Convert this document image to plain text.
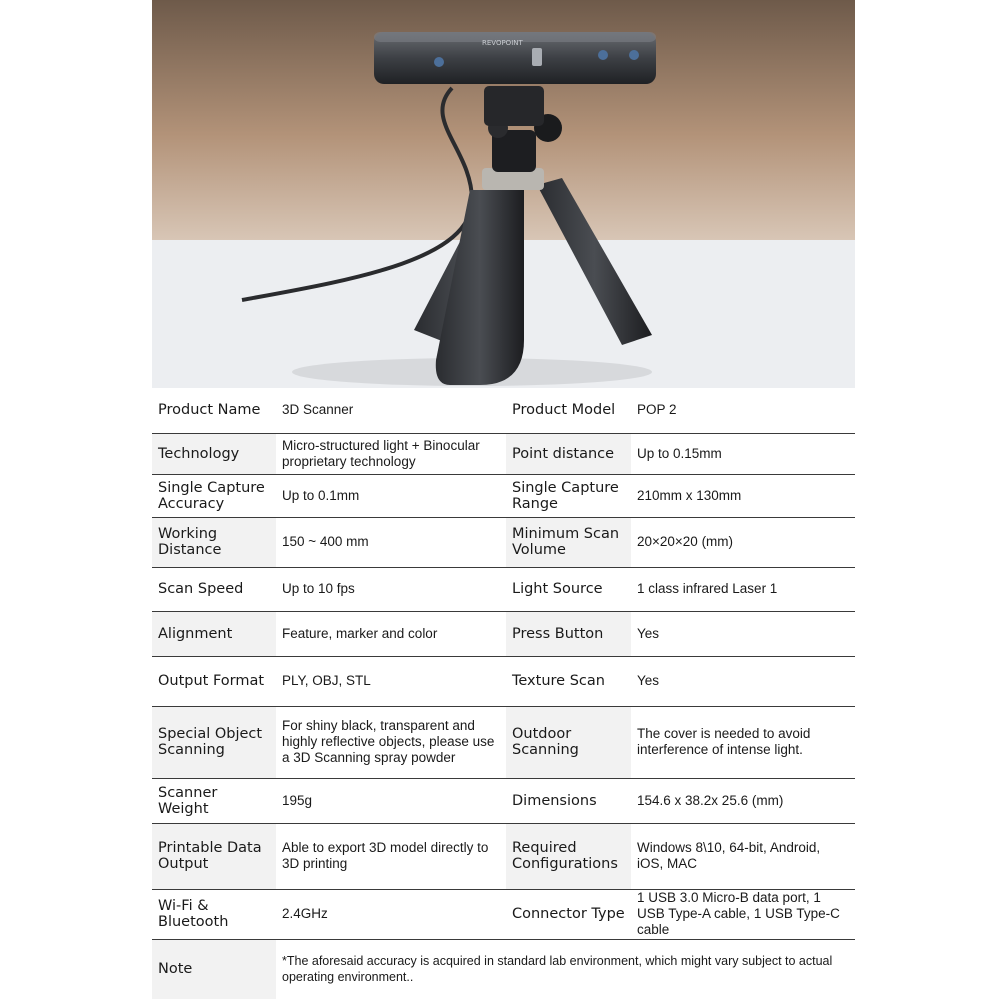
REVOPOINT
Product Name	3D Scanner	Product Model	POP 2
Technology	Micro-structured light + Binocular proprietary technology	Point distance	Up to 0.15mm
Single Capture Accuracy	Up to 0.1mm	Single Capture Range	210mm x 130mm
Working Distance	150 ~ 400 mm	Minimum Scan Volume	20×20×20 (mm)
Scan Speed	Up to 10 fps	Light Source	1 class infrared Laser 1
Alignment	Feature, marker and color	Press Button	Yes
Output Format	PLY, OBJ, STL	Texture Scan	Yes
Special Object Scanning	For shiny black, transparent and highly reflective objects, please use a 3D Scanning spray powder	Outdoor Scanning	The cover is needed to avoid interference of intense light.
Scanner Weight	195g	Dimensions	154.6 x 38.2x 25.6 (mm)
Printable Data Output	Able to export 3D model directly to 3D printing	Required Configurations	Windows 8\10, 64-bit, Android, iOS, MAC
Wi-Fi & Bluetooth	2.4GHz	Connector Type	1 USB 3.0 Micro-B data port, 1 USB Type-A cable, 1 USB Type-C cable
Note	*The aforesaid accuracy is acquired in standard lab environment, which might vary subject to actual operating environment..		
